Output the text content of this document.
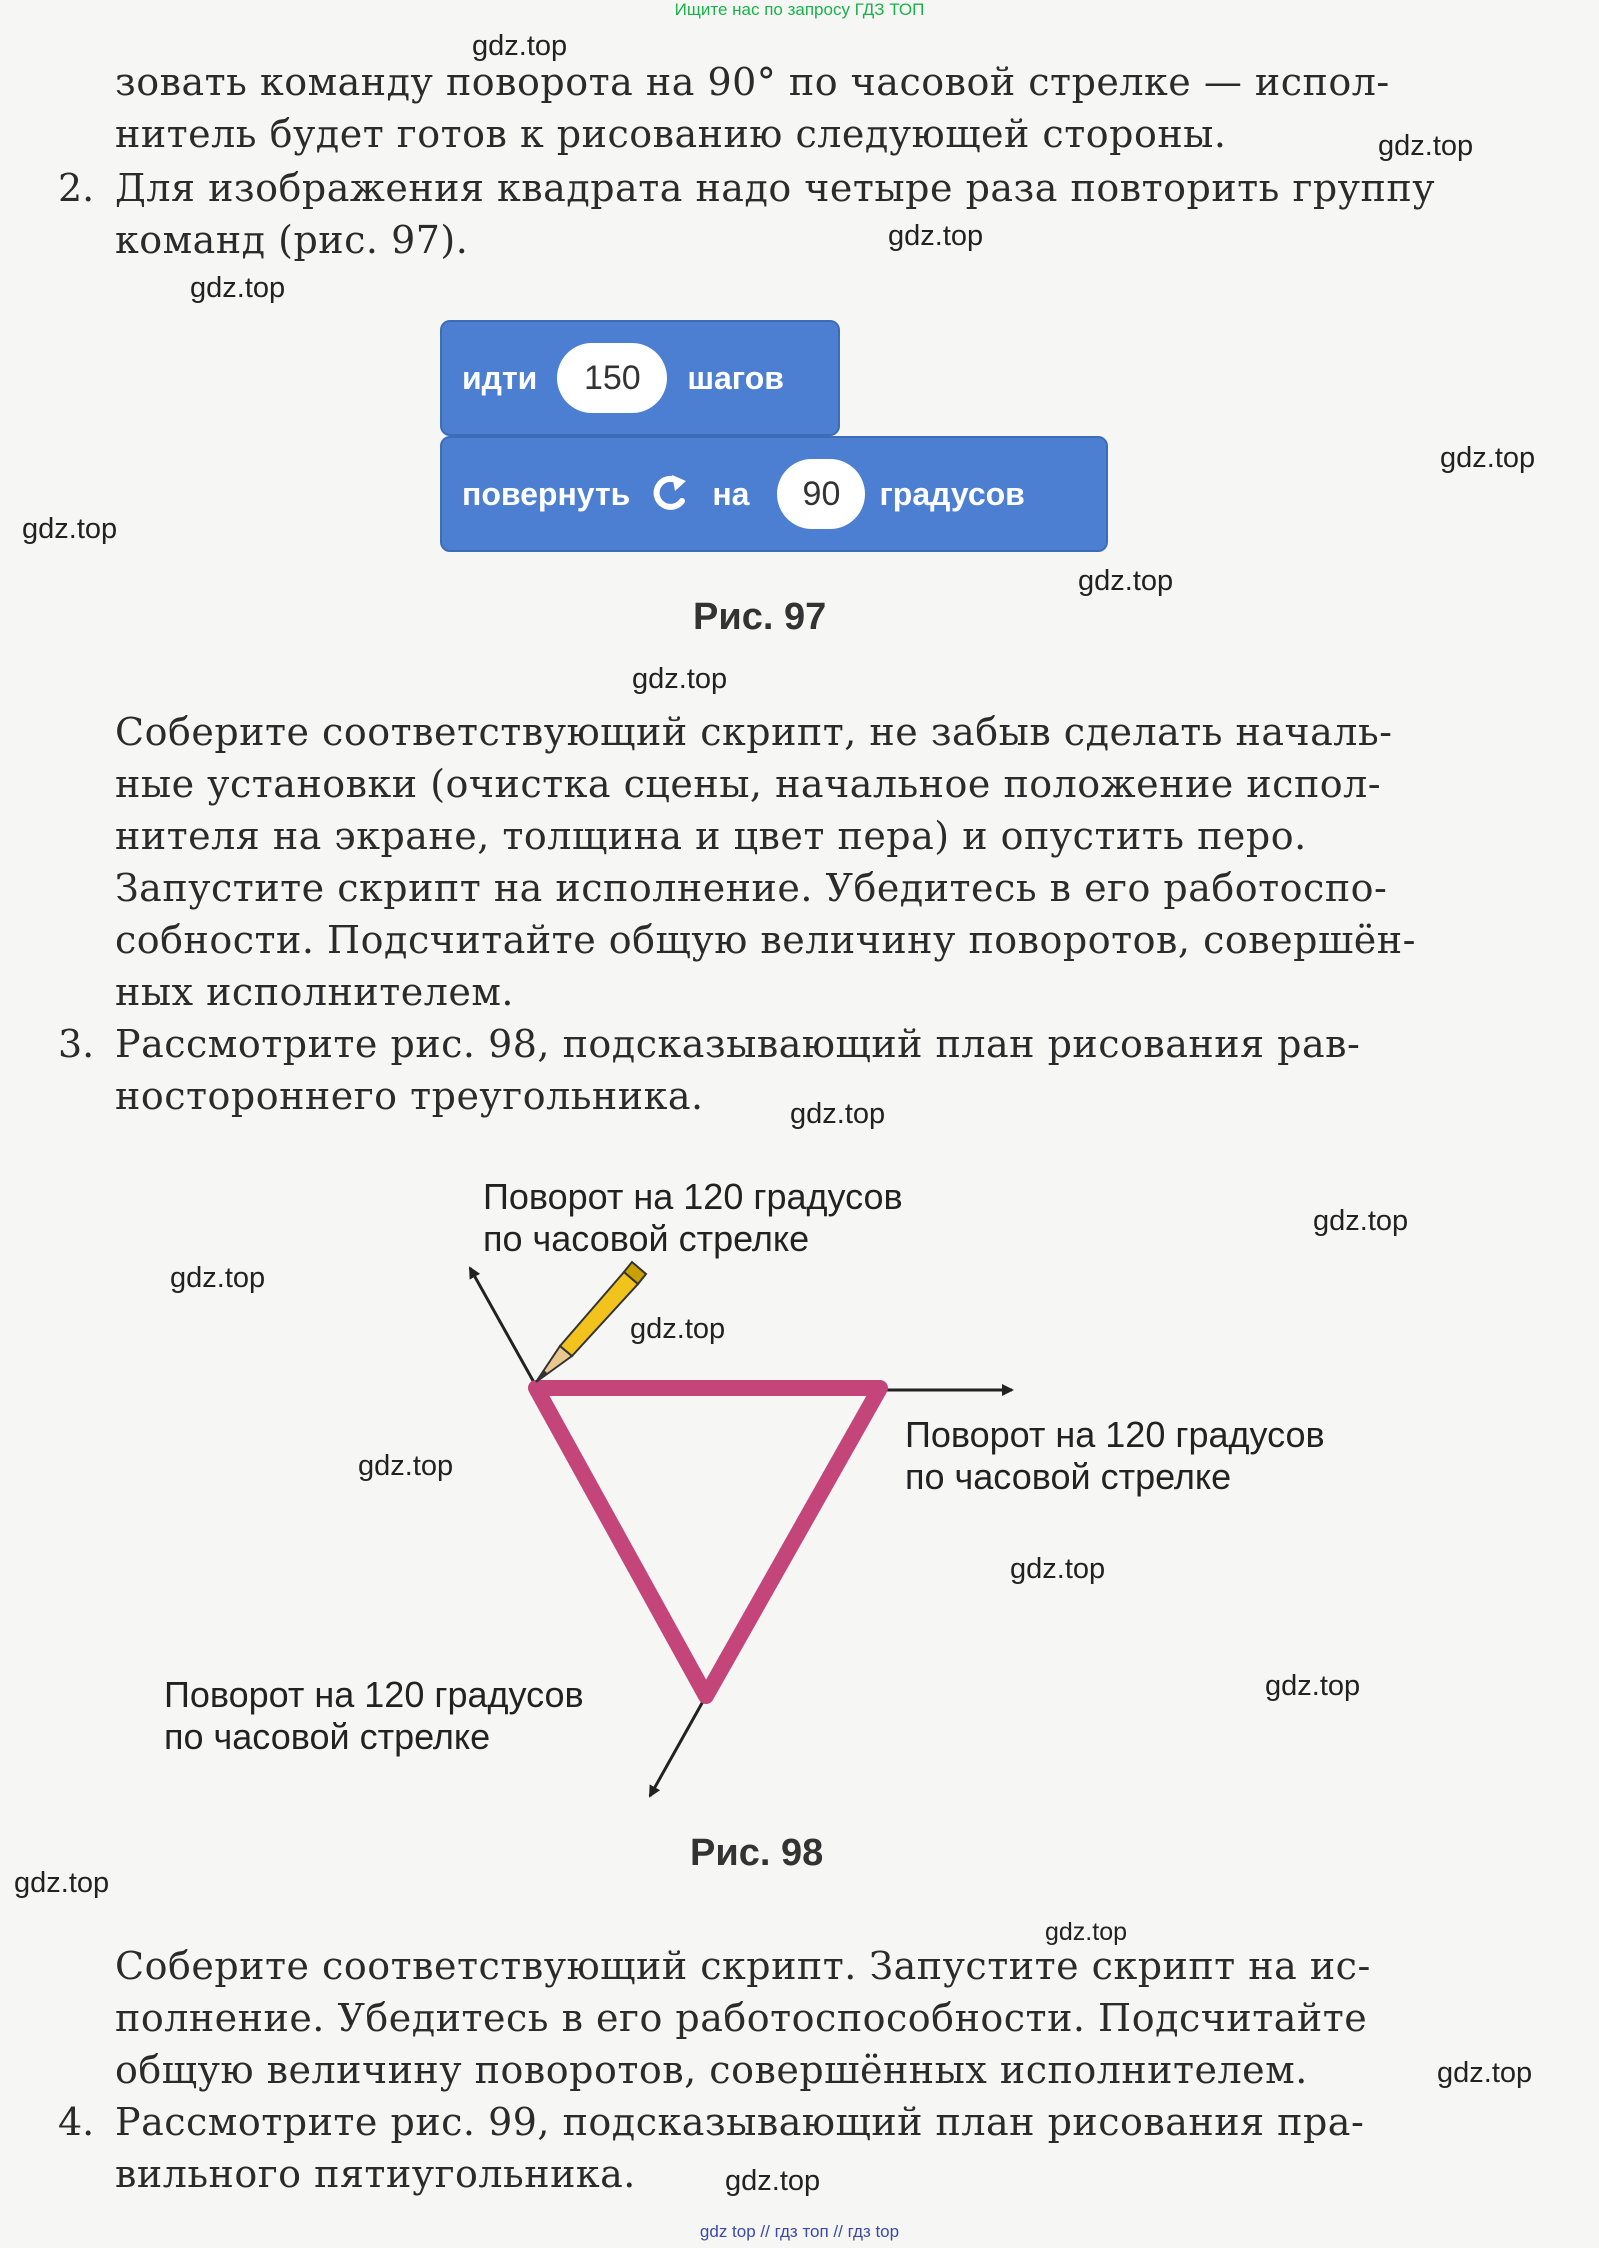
Ищите нас по запросу ГДЗ ТОП
gdz top // гдз топ // гдз top
gdz.top
gdz.top
gdz.top
gdz.top
gdz.top
gdz.top
gdz.top
gdz.top
gdz.top
gdz.top
gdz.top
gdz.top
gdz.top
gdz.top
gdz.top
gdz.top
gdz.top
gdz.top
gdz.top
зовать команду поворота на 90° по часовой стрелке — испол-
нитель будет готов к рисованию следующей стороны.
2. Для изображения квадрата надо четыре раза повторить группу
команд (рис. 97).
идти	150	шагов
повернуть	на	90	градусов
Рис. 97
Соберите соответствующий скрипт, не забыв сделать началь-
ные установки (очистка сцены, начальное положение испол-
нителя на экране, толщина и цвет пера) и опустить перо.
Запустите скрипт на исполнение. Убедитесь в его работоспо-
собности. Подсчитайте общую величину поворотов, совершён-
ных исполнителем.
3. Рассмотрите рис. 98, подсказывающий план рисования рав-
ностороннего треугольника.
Поворот на 120 градусов
по часовой стрелке
Поворот на 120 градусов
по часовой стрелке
Поворот на 120 градусов
по часовой стрелке
Рис. 98
Соберите соответствующий скрипт. Запустите скрипт на ис-
полнение. Убедитесь в его работоспособности. Подсчитайте
общую величину поворотов, совершённых исполнителем.
4. Рассмотрите рис. 99, подсказывающий план рисования пра-
вильного пятиугольника.
